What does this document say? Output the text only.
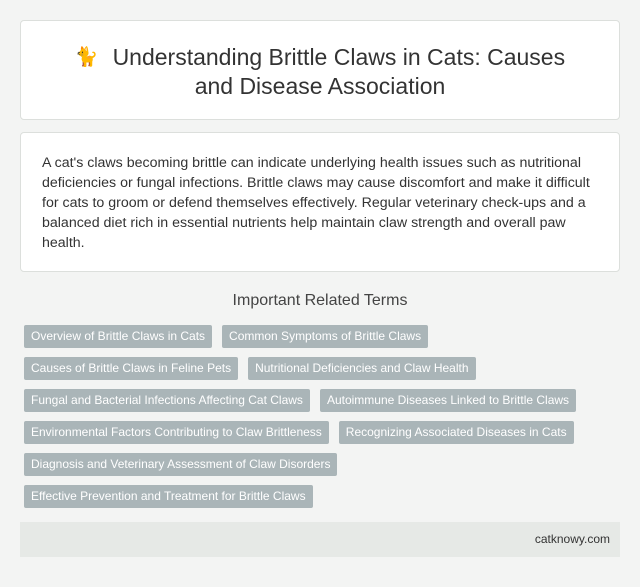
🐈 Understanding Brittle Claws in Cats: Causes
and Disease Association

A cat's claws becoming brittle can indicate underlying health issues such as nutritional deficiencies or fungal infections. Brittle claws may cause discomfort and make it difficult for cats to groom or defend themselves effectively. Regular veterinary check-ups and a balanced diet rich in essential nutrients help maintain claw strength and overall paw health.

Important Related Terms
Overview of Brittle Claws in Cats Common Symptoms of Brittle Claws
Causes of Brittle Claws in Feline Pets Nutritional Deficiencies and Claw Health
Fungal and Bacterial Infections Affecting Cat Claws Autoimmune Diseases Linked to Brittle Claws
Environmental Factors Contributing to Claw Brittleness Recognizing Associated Diseases in Cats
Diagnosis and Veterinary Assessment of Claw Disorders
Effective Prevention and Treatment for Brittle Claws
catknowy.com
